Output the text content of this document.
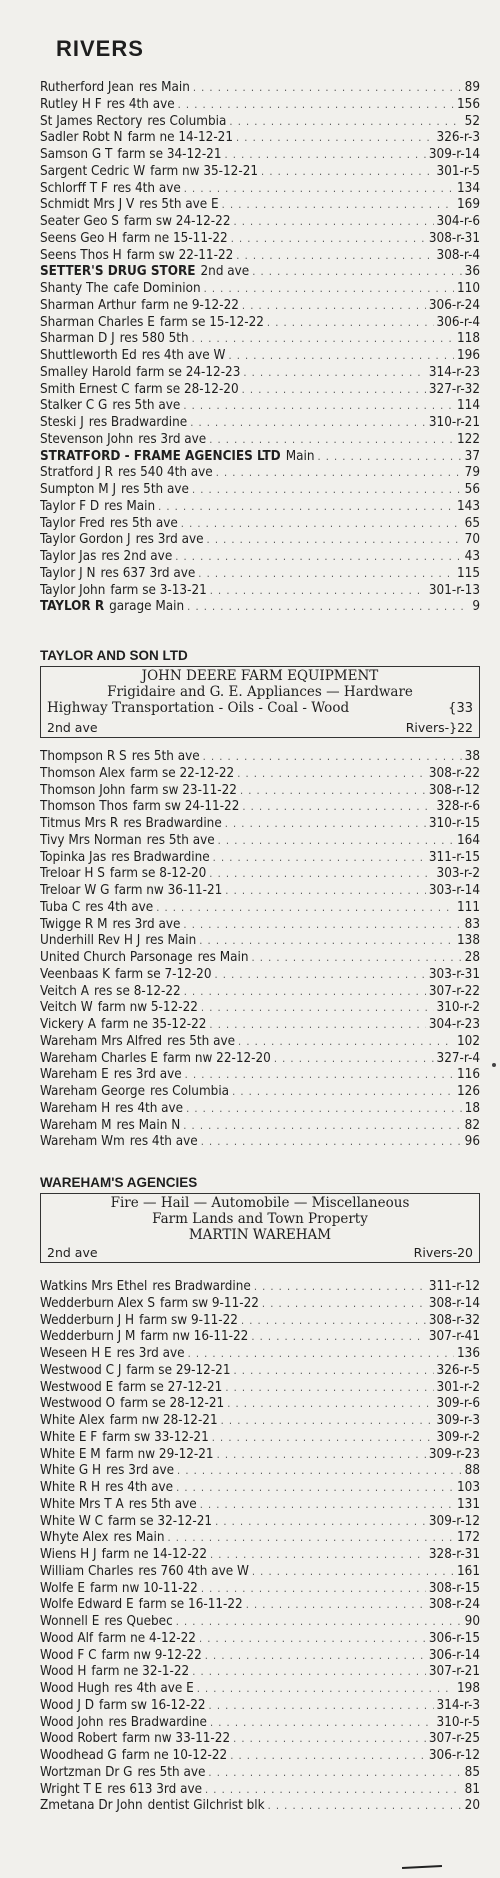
RIVERS
Rutherford Jean res Main . . .	89
Rutley H F res 4th ave . . .	156
St James Rectory res Columbia . . .	52
Sadler Robt N farm ne 14-12-21 . . .	326-r-3
Samson G T farm se 34-12-21 . . .	309-r-14
Sargent Cedric W farm nw 35-12-21 . . .	301-r-5
Schlorff T F res 4th ave . . .	134
Schmidt Mrs J V res 5th ave E . . .	169
Seater Geo S farm sw 24-12-22 . . .	304-r-6
Seens Geo H farm ne 15-11-22 . . .	308-r-31
Seens Thos H farm sw 22-11-22 . . .	308-r-4
SETTER'S DRUG STORE 2nd ave . . .	36
Shanty The cafe Dominion . . .	110
Sharman Arthur farm ne 9-12-22 . . .	306-r-24
Sharman Charles E farm se 15-12-22 . . .	306-r-4
Sharman D J res 580 5th . . .	118
Shuttleworth Ed res 4th ave W . . .	196
Smalley Harold farm se 24-12-23 . . .	314-r-23
Smith Ernest C farm se 28-12-20 . . .	327-r-32
Stalker C G res 5th ave . . .	114
Steski J res Bradwardine . . .	310-r-21
Stevenson John res 3rd ave . . .	122
STRATFORD - FRAME AGENCIES LTD Main . . .	37
Stratford J R res 540 4th ave . . .	79
Sumpton M J res 5th ave . . .	56
Taylor F D res Main . . .	143
Taylor Fred res 5th ave . . .	65
Taylor Gordon J res 3rd ave . . .	70
Taylor Jas res 2nd ave . . .	43
Taylor J N res 637 3rd ave . . .	115
Taylor John farm se 3-13-21 . . .	301-r-13
TAYLOR R garage Main . . .	9
TAYLOR AND SON LTD
JOHN DEERE FARM EQUIPMENT
Frigidaire and G. E. Appliances — Hardware
Highway Transportation - Oils - Coal - Wood	{33
2nd ave	Rivers-}22
Thompson R S res 5th ave . . .	38
Thomson Alex farm se 22-12-22 . . .	308-r-22
Thomson John farm sw 23-11-22 . . .	308-r-12
Thomson Thos farm sw 24-11-22 . . .	328-r-6
Titmus Mrs R res Bradwardine . . .	310-r-15
Tivy Mrs Norman res 5th ave . . .	164
Topinka Jas res Bradwardine . . .	311-r-15
Treloar H S farm se 8-12-20 . . .	303-r-2
Treloar W G farm nw 36-11-21 . . .	303-r-14
Tuba C res 4th ave . . .	111
Twigge R M res 3rd ave . . .	83
Underhill Rev H J res Main . . .	138
United Church Parsonage res Main . . .	28
Veenbaas K farm se 7-12-20 . . .	303-r-31
Veitch A res se 8-12-22 . . .	307-r-22
Veitch W farm nw 5-12-22 . . .	310-r-2
Vickery A farm ne 35-12-22 . . .	304-r-23
Wareham Mrs Alfred res 5th ave . . .	102
Wareham Charles E farm nw 22-12-20 . . .	327-r-4
Wareham E res 3rd ave . . .	116
Wareham George res Columbia . . .	126
Wareham H res 4th ave . . .	18
Wareham M res Main N . . .	82
Wareham Wm res 4th ave . . .	96
WAREHAM'S AGENCIES
Fire — Hail — Automobile — Miscellaneous
Farm Lands and Town Property
MARTIN WAREHAM
2nd ave	Rivers-20
Watkins Mrs Ethel res Bradwardine . . .	311-r-12
Wedderburn Alex S farm sw 9-11-22 . . .	308-r-14
Wedderburn J H farm sw 9-11-22 . . .	308-r-32
Wedderburn J M farm nw 16-11-22 . . .	307-r-41
Weseen H E res 3rd ave . . .	136
Westwood C J farm se 29-12-21 . . .	326-r-5
Westwood E farm se 27-12-21 . . .	301-r-2
Westwood O farm se 28-12-21 . . .	309-r-6
White Alex farm nw 28-12-21 . . .	309-r-3
White E F farm sw 33-12-21 . . .	309-r-2
White E M farm nw 29-12-21 . . .	309-r-23
White G H res 3rd ave . . .	88
White R H res 4th ave . . .	103
White Mrs T A res 5th ave . . .	131
White W C farm se 32-12-21 . . .	309-r-12
Whyte Alex res Main . . .	172
Wiens H J farm ne 14-12-22 . . .	328-r-31
William Charles res 760 4th ave W . . .	161
Wolfe E farm nw 10-11-22 . . .	308-r-15
Wolfe Edward E farm se 16-11-22 . . .	308-r-24
Wonnell E res Quebec . . .	90
Wood Alf farm ne 4-12-22 . . .	306-r-15
Wood F C farm nw 9-12-22 . . .	306-r-14
Wood H farm ne 32-1-22 . . .	307-r-21
Wood Hugh res 4th ave E . . .	198
Wood J D farm sw 16-12-22 . . .	314-r-3
Wood John res Bradwardine . . .	310-r-5
Wood Robert farm nw 33-11-22 . . .	307-r-25
Woodhead G farm ne 10-12-22 . . .	306-r-12
Wortzman Dr G res 5th ave . . .	85
Wright T E res 613 3rd ave . . .	81
Zmetana Dr John dentist Gilchrist blk . . .	20
